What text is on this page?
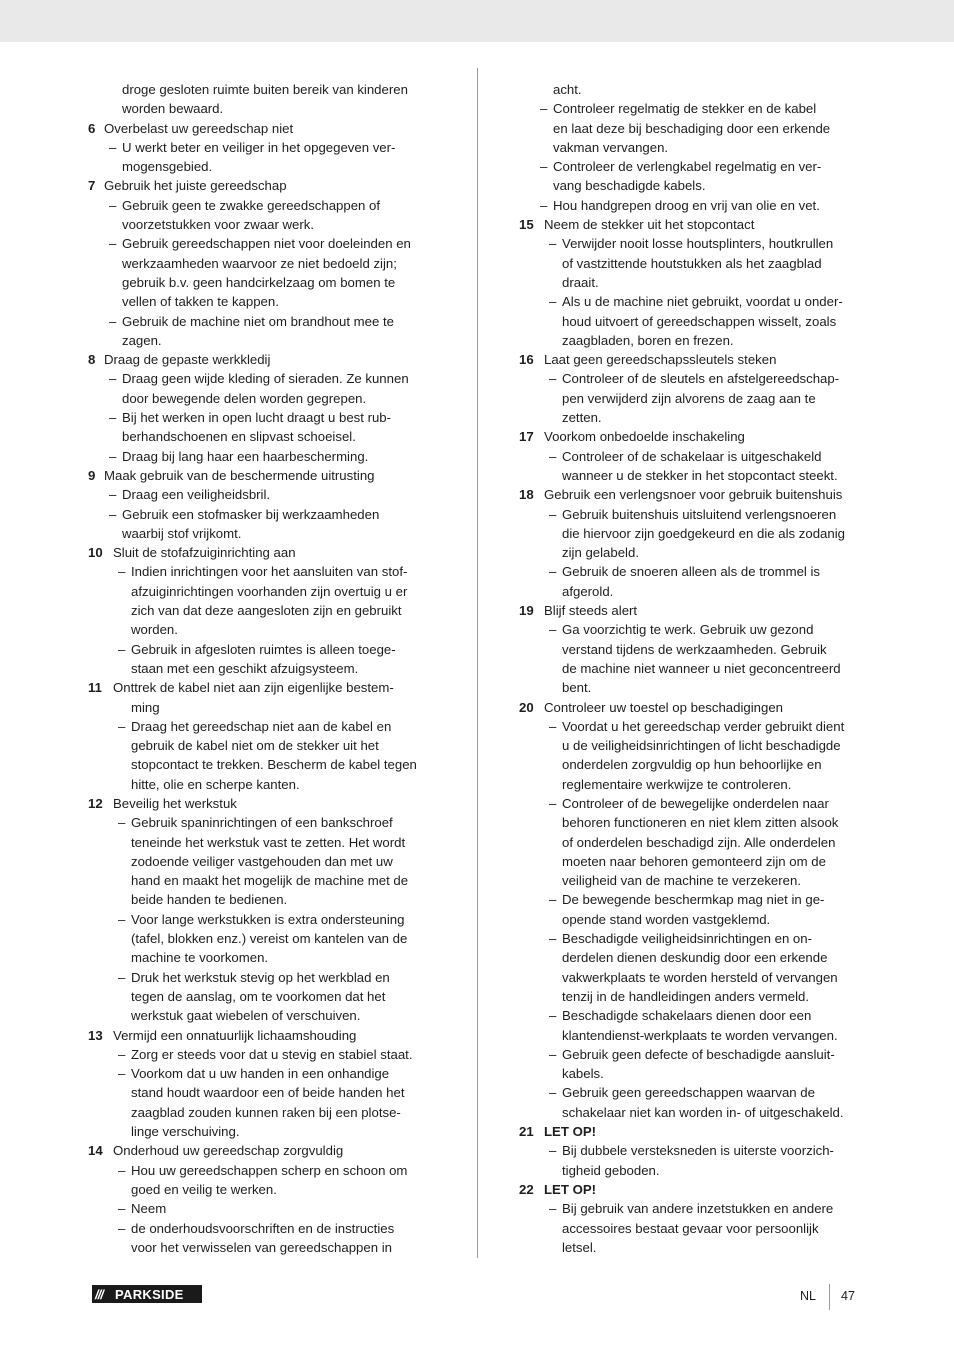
droge gesloten ruimte buiten bereik van kinderen
worden bewaard.
6 Overbelast uw gereedschap niet
– U werkt beter en veiliger in het opgegeven ver-
mogensgebied.
7 Gebruik het juiste gereedschap
– Gebruik geen te zwakke gereedschappen of
voorzetstukken voor zwaar werk.
– Gebruik gereedschappen niet voor doeleinden en
werkzaamheden waarvoor ze niet bedoeld zijn;
gebruik b.v. geen handcirkelzaag om bomen te
vellen of takken te kappen.
– Gebruik de machine niet om brandhout mee te
zagen.
8 Draag de gepaste werkkledij
– Draag geen wijde kleding of sieraden. Ze kunnen
door bewegende delen worden gegrepen.
– Bij het werken in open lucht draagt u best rub-
berhandschoenen en slipvast schoeisel.
– Draag bij lang haar een haarbescherming.
9 Maak gebruik van de beschermende uitrusting
– Draag een veiligheidsbril.
– Gebruik een stofmasker bij werkzaamheden
waarbij stof vrijkomt.
10 Sluit de stofafzuiginrichting aan
– Indien inrichtingen voor het aansluiten van stof-
afzuiginrichtingen voorhanden zijn overtuig u er
zich van dat deze aangesloten zijn en gebruikt
worden.
– Gebruik in afgesloten ruimtes is alleen toege-
staan met een geschikt afzuigsysteem.
11 Onttrek de kabel niet aan zijn eigenlijke bestem-
ming
– Draag het gereedschap niet aan de kabel en
gebruik de kabel niet om de stekker uit het
stopcontact te trekken. Bescherm de kabel tegen
hitte, olie en scherpe kanten.
12 Beveilig het werkstuk
– Gebruik spaninrichtingen of een bankschroef
teneinde het werkstuk vast te zetten. Het wordt
zodoende veiliger vastgehouden dan met uw
hand en maakt het mogelijk de machine met de
beide handen te bedienen.
– Voor lange werkstukken is extra ondersteuning
(tafel, blokken enz.) vereist om kantelen van de
machine te voorkomen.
– Druk het werkstuk stevig op het werkblad en
tegen de aanslag, om te voorkomen dat het
werkstuk gaat wiebelen of verschuiven.
13 Vermijd een onnatuurlijk lichaamshouding
– Zorg er steeds voor dat u stevig en stabiel staat.
– Voorkom dat u uw handen in een onhandige
stand houdt waardoor een of beide handen het
zaagblad zouden kunnen raken bij een plotse-
linge verschuiving.
14 Onderhoud uw gereedschap zorgvuldig
– Hou uw gereedschappen scherp en schoon om
goed en veilig te werken.
– Neem
– de onderhoudsvoorschriften en de instructies
voor het verwisselen van gereedschappen in
acht.
– Controleer regelmatig de stekker en de kabel
en laat deze bij beschadiging door een erkende
vakman vervangen.
– Controleer de verlengkabel regelmatig en ver-
vang beschadigde kabels.
– Hou handgrepen droog en vrij van olie en vet.
15 Neem de stekker uit het stopcontact
– Verwijder nooit losse houtsplinters, houtkrullen
of vastzittende houtstukken als het zaagblad
draait.
– Als u de machine niet gebruikt, voordat u onder-
houd uitvoert of gereedschappen wisselt, zoals
zaagbladen, boren en frezen.
16 Laat geen gereedschapssleutels steken
– Controleer of de sleutels en afstelgereedschap-
pen verwijderd zijn alvorens de zaag aan te
zetten.
17 Voorkom onbedoelde inschakeling
– Controleer of de schakelaar is uitgeschakeld
wanneer u de stekker in het stopcontact steekt.
18 Gebruik een verlengsnoer voor gebruik buitenshuis
– Gebruik buitenshuis uitsluitend verlengsnoeren
die hiervoor zijn goedgekeurd en die als zodanig
zijn gelabeld.
– Gebruik de snoeren alleen als de trommel is
afgerold.
19 Blijf steeds alert
– Ga voorzichtig te werk. Gebruik uw gezond
verstand tijdens de werkzaamheden. Gebruik
de machine niet wanneer u niet geconcentreerd
bent.
20 Controleer uw toestel op beschadigingen
– Voordat u het gereedschap verder gebruikt dient
u de veiligheidsinrichtingen of licht beschadigde
onderdelen zorgvuldig op hun behoorlijke en
reglementaire werkwijze te controleren.
– Controleer of de bewegelijke onderdelen naar
behoren functioneren en niet klem zitten alsook
of onderdelen beschadigd zijn. Alle onderdelen
moeten naar behoren gemonteerd zijn om de
veiligheid van de machine te verzekeren.
– De bewegende beschermkap mag niet in ge-
opende stand worden vastgeklemd.
– Beschadigde veiligheidsinrichtingen en on-
derdelen dienen deskundig door een erkende
vakwerkplaats te worden hersteld of vervangen
tenzij in de handleidingen anders vermeld.
– Beschadigde schakelaars dienen door een
klantendienst-werkplaats te worden vervangen.
– Gebruik geen defecte of beschadigde aansluit-
kabels.
– Gebruik geen gereedschappen waarvan de
schakelaar niet kan worden in- of uitgeschakeld.
21 LET OP!
– Bij dubbele versteksneden is uiterste voorzich-
tigheid geboden.
22 LET OP!
– Bij gebruik van andere inzetstukken en andere
accessoires bestaat gevaar voor persoonlijk
letsel.
/// PARKSIDE	NL 47
